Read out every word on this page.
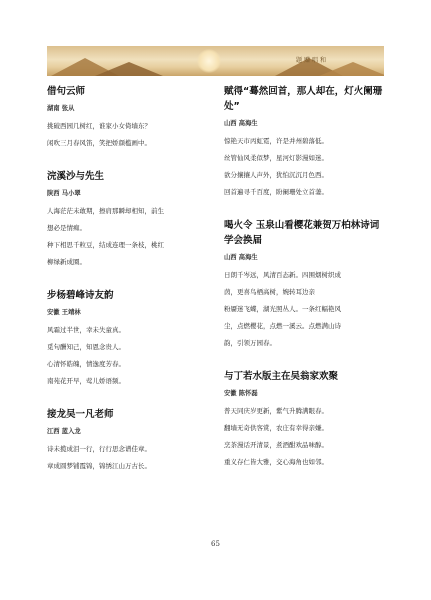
题赠唱和
借句云师
湖南 张从
挑破西园几树红，谁家小女倚墙东？
闲吹三月春风笛，笑把娇颜槛画中。
浣溪沙与先生
陕西 马小翠
人海茫茫未敢期，擦肩那瞬却相知，前生
想必是情痴。
种下相思千粒豆，结成连理一条枝，桃红
柳绿新成圈。
步杨碧峰诗友韵
安徽 王靖林
风霜过半世，幸未失童真。
觅句酬知己，知恩念贵人。
心清怀皓魄，情逸度芳春。
南苑花开早，莺儿娇语频。
接龙吴一凡老师
江西 蓝入龙
诗未揽成泪一行，行行思念谱佳章。
章成圆梦铺霞锦，锦绣江山万古长。
赋得“蓦然回首，那人却在，灯火阑珊处”
山西 高海生
惊艳天市丙虹霓，许是并州碧落低。
丝管仙风柔似梦，星河灯影漫如迷。
欲分攘攘人声外，犹怕沉沉月色西。
回首遍寻千百度，盼阑珊处立首萋。
喝火令 玉泉山看樱花兼贺万柏林诗词学会换届
山西 高海生
日朗千岑远，风清百态新。四围烟树织成
茵，更喜鸟栖高树，婉转耳边亲
粉靥迷飞蝶，湖光照丛人。一条红幅艳风
尘，点燃樱花，点燃一溪云。点燃满山诗
韵，引领万园春。
与丁若水版主在吴翁家欢聚
安徽 陈怀磊
普天同庆岁更新，紫气升腾满眼春。
翻墙无奇供客赏，农庄有幸得亲嫌。
烹茶漫话开清景，煮酒酣欢品味醇。
重义存仁皆大雅，交心海角也如邻。
65
